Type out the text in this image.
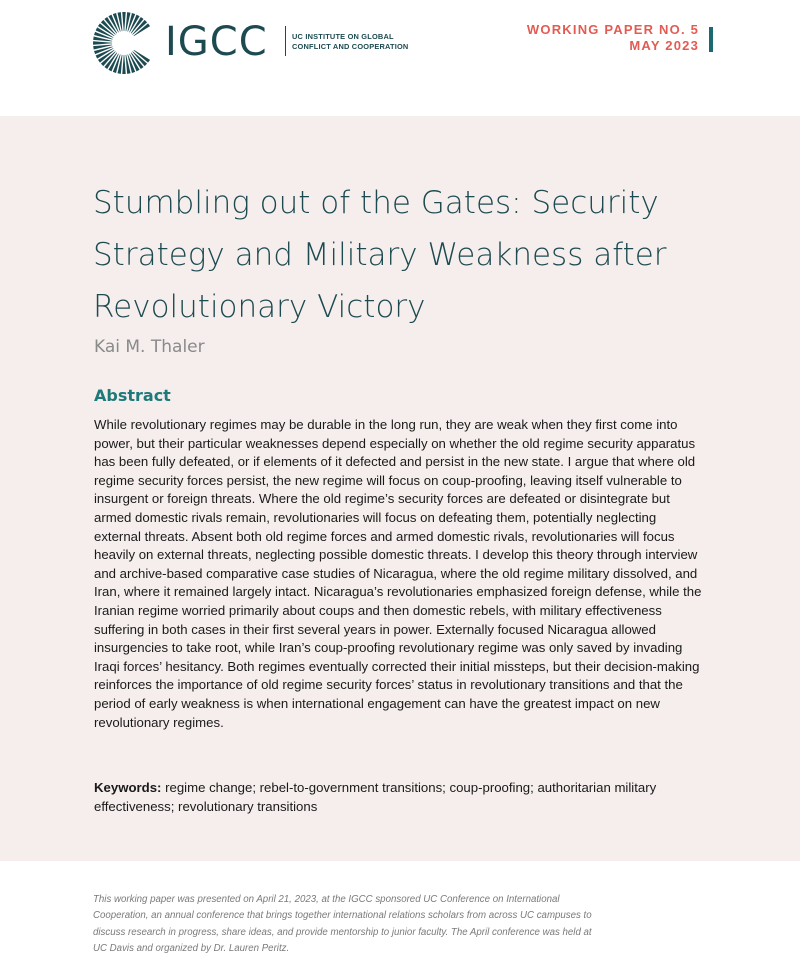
IGCC	UC INSTITUTE ON GLOBAL
CONFLICT AND COOPERATION
WORKING PAPER NO. 5
MAY 2023
Stumbling out of the Gates: Security Strategy and Military Weakness after Revolutionary Victory
Kai M. Thaler
Abstract

While revolutionary regimes may be durable in the long run, they are weak when they first come into power, but their particular weaknesses depend especially on whether the old regime security apparatus has been fully defeated, or if elements of it defected and persist in the new state. I argue that where old regime security forces persist, the new regime will focus on coup-proofing, leaving itself vulnerable to insurgent or foreign threats. Where the old regime’s security forces are defeated or disintegrate but armed domestic rivals remain, revolutionaries will focus on defeating them, potentially neglecting external threats. Absent both old regime forces and armed domestic rivals, revolutionaries will focus heavily on external threats, neglecting possible domestic threats. I develop this theory through interview and archive-based comparative case studies of Nicaragua, where the old regime military dissolved, and Iran, where it remained largely intact. Nicaragua’s revolutionaries emphasized foreign defense, while the Iranian regime worried primarily about coups and then domestic rebels, with military effectiveness suffering in both cases in their first several years in power. Externally focused Nicaragua allowed insurgencies to take root, while Iran’s coup-proofing revolutionary regime was only saved by invading Iraqi forces’ hesitancy. Both regimes eventually corrected their initial missteps, but their decision-making reinforces the importance of old regime security forces’ status in revolutionary transitions and that the period of early weakness is when international engagement can have the greatest impact on new revolutionary regimes.

Keywords: regime change; rebel-to-government transitions; coup-proofing; authoritarian military effectiveness; revolutionary transitions

This working paper was presented on April 21, 2023, at the IGCC sponsored UC Conference on International Cooperation, an annual conference that brings together international relations scholars from across UC campuses to discuss research in progress, share ideas, and provide mentorship to junior faculty. The April conference was held at UC Davis and organized by Dr. Lauren Peritz.
